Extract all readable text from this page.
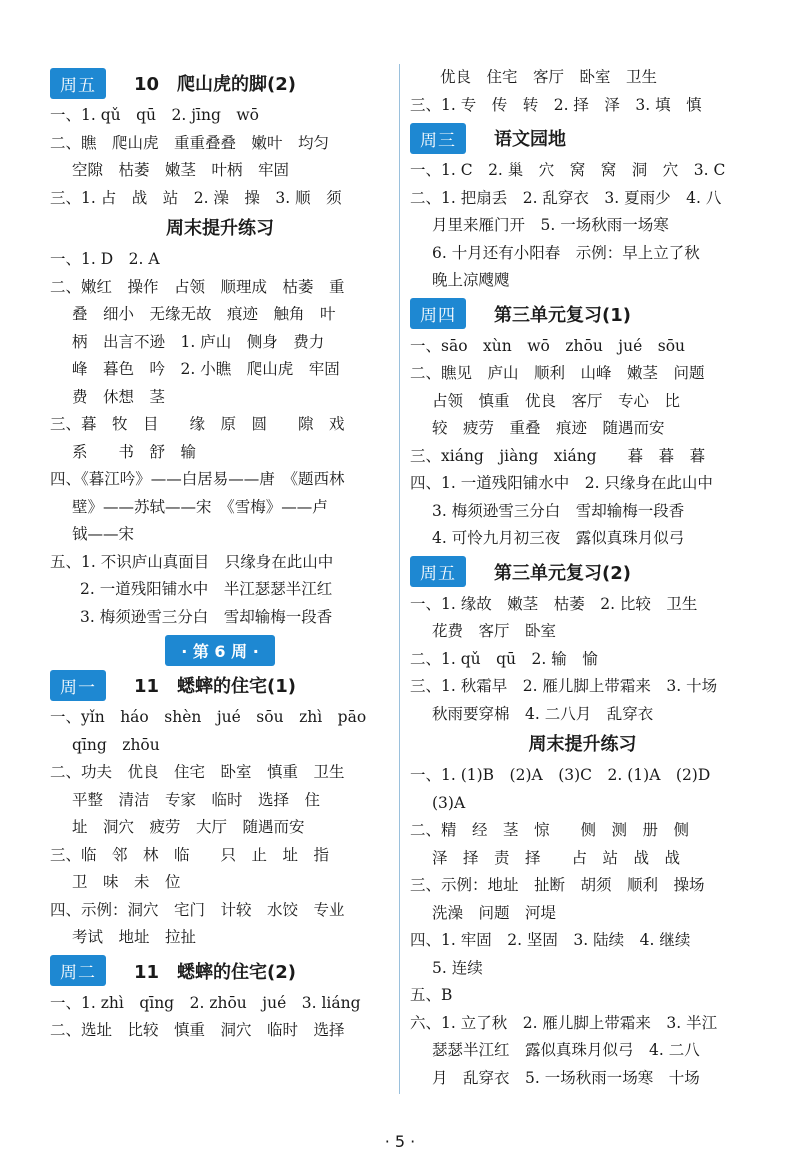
周五	10　爬山虎的脚(2)
一、1. qǔ　qū　2. jīng　wō
二、瞧　爬山虎　重重叠叠　嫩叶　均匀
空隙　枯萎　嫩茎　叶柄　牢固
三、1. 占　战　站　2. 澡　操　3. 顺　须
周末提升练习
一、1. D　2. A
二、嫩红　操作　占领　顺理成　枯萎　重
叠　细小　无缘无故　痕迹　触角　叶
柄　出言不逊　1. 庐山　侧身　费力
峰　暮色　吟　2. 小瞧　爬山虎　牢固
费　休想　茎
三、暮　牧　目　　缘　原　圆　　隙　戏
系　　书　舒　输
四、《暮江吟》——白居易——唐　《题西林
壁》——苏轼——宋　《雪梅》——卢
钺——宋
五、1. 不识庐山真面目　只缘身在此山中
2. 一道残阳铺水中　半江瑟瑟半江红
3. 梅须逊雪三分白　雪却输梅一段香
· 第 6 周 ·
周一	11　蟋蟀的住宅(1)
一、yǐn　háo　shèn　jué　sōu　zhì　pāo
qīng　zhōu
二、功夫　优良　住宅　卧室　慎重　卫生
平整　清洁　专家　临时　选择　住
址　洞穴　疲劳　大厅　随遇而安
三、临　邻　林　临　　只　止　址　指
卫　味　未　位
四、示例：洞穴　宅门　计较　水饺　专业
考试　地址　拉扯
周二	11　蟋蟀的住宅(2)
一、1. zhì　qīng　2. zhōu　jué　3. liáng
二、选址　比较　慎重　洞穴　临时　选择
优良　住宅　客厅　卧室　卫生
三、1. 专　传　转　2. 择　泽　3. 填　慎
周三	语文园地
一、1. C　2. 巢　穴　窝　窝　洞　穴　3. C
二、1. 把扇丢　2. 乱穿衣　3. 夏雨少　4. 八
月里来雁门开　5. 一场秋雨一场寒
6. 十月还有小阳春　示例：早上立了秋
晚上凉飕飕
周四	第三单元复习(1)
一、sāo　xùn　wō　zhōu　jué　sōu
二、瞧见　庐山　顺利　山峰　嫩茎　问题
占领　慎重　优良　客厅　专心　比
较　疲劳　重叠　痕迹　随遇而安
三、xiáng　jiàng　xiáng　　暮　暮　暮
四、1. 一道残阳铺水中　2. 只缘身在此山中
3. 梅须逊雪三分白　雪却输梅一段香
4. 可怜九月初三夜　露似真珠月似弓
周五	第三单元复习(2)
一、1. 缘故　嫩茎　枯萎　2. 比较　卫生
花费　客厅　卧室
二、1. qǔ　qū　2. 输　愉
三、1. 秋霜早　2. 雁儿脚上带霜来　3. 十场
秋雨要穿棉　4. 二八月　乱穿衣
周末提升练习
一、1. (1)B　(2)A　(3)C　2. (1)A　(2)D
(3)A
二、精　经　茎　惊　　侧　测　册　侧
泽　择　责　择　　占　站　战　战
三、示例：地址　扯断　胡须　顺利　操场
洗澡　问题　河堤
四、1. 牢固　2. 坚固　3. 陆续　4. 继续
5. 连续
五、B
六、1. 立了秋　2. 雁儿脚上带霜来　3. 半江
瑟瑟半江红　露似真珠月似弓　4. 二八
月　乱穿衣　5. 一场秋雨一场寒　十场
· 5 ·
